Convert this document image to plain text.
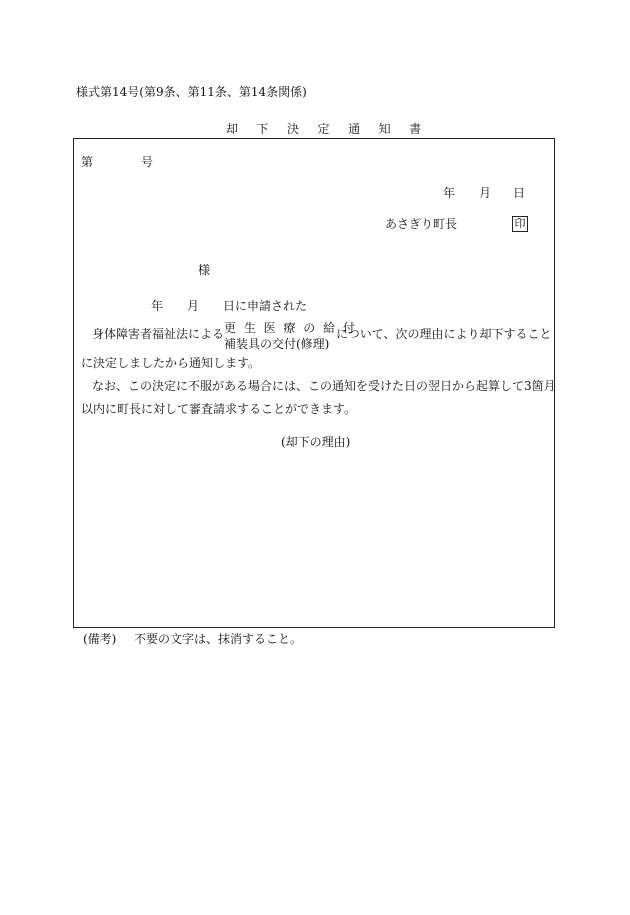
様式第14号(第9条、第11条、第14条関係)
却 下 決 定 通 知 書
第	号
年 月 日
あさぎり町長	印
様
年 月 日に申請された
身体障害者福祉法による 更 生 医 療 の 給 付
補装具の交付(修理)
について、次の理由により却下すること
に決定しましたから通知します。
なお、この決定に不服がある場合には、この通知を受けた日の翌日から起算して3箇月
以内に町長に対して審査請求することができます。
(却下の理由)
(備考) 不要の文字は、抹消すること。
